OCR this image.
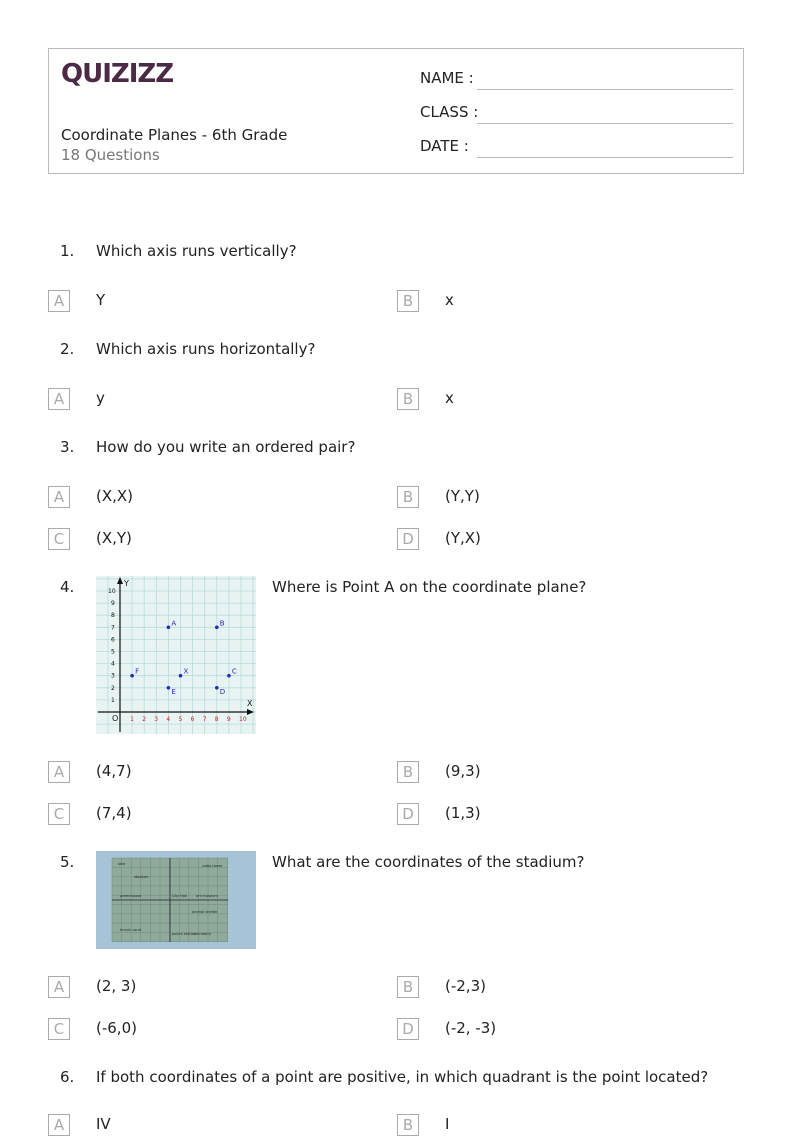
QUIZIZZ
Coordinate Planes - 6th Grade
18 Questions
NAME :
CLASS :
DATE :
1. Which axis runs vertically?
A	Y	B	x
2. Which axis runs horizontally?
A	y	B	x
3. How do you write an ordered pair?
A	(X,X)	B	(Y,Y)
C	(X,Y)	D	(Y,X)
4.
X
Y
O 1
1
2
2
3
3
4
4
5
5
6
6
7
7
8
8
9
9
10
10
A	B
F	X	C
E	D
Where is Point A on the coordinate plane?
A	(4,7)	B	(9,3)
C	(7,4)	D	(1,3)
5.	radio tower
stadium
greenhouse	City Hall art museum
animal shelter
tennis court
police station
cemetery
lake	What are the coordinates of the stadium?
A	(2, 3)	B	(-2,3)
C	(-6,0)	D	(-2, -3)
6. If both coordinates of a point are positive, in which quadrant is the point located?
A	IV	B	I
